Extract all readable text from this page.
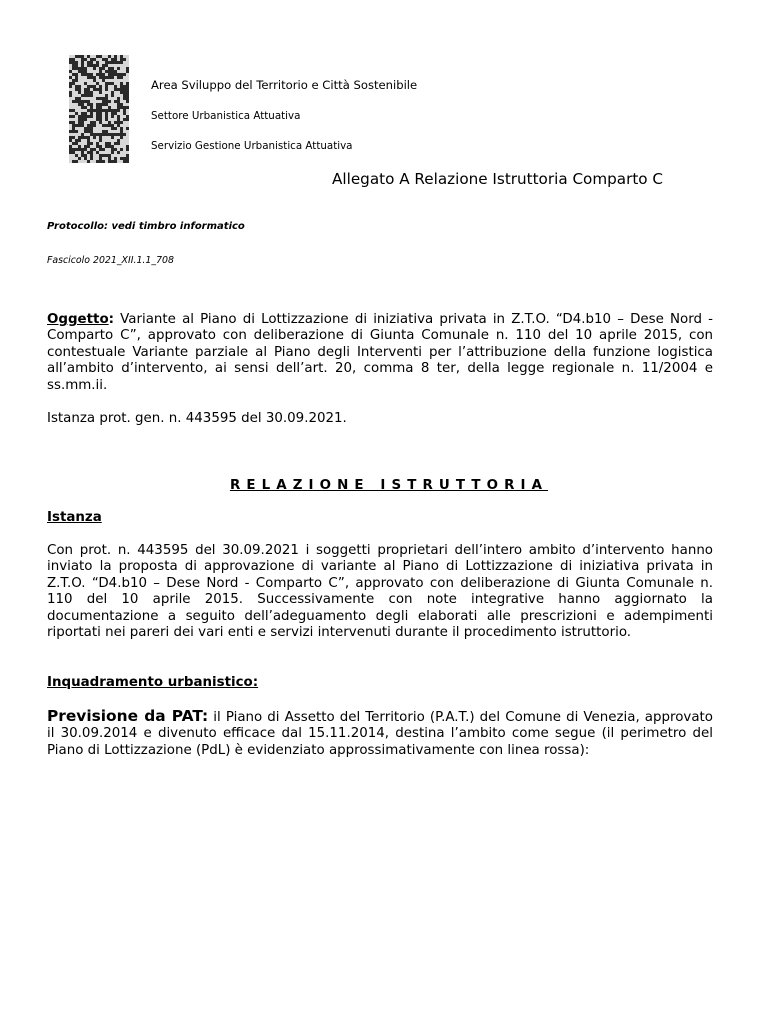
Area Sviluppo del Territorio e Città Sostenibile
Settore Urbanistica Attuativa
Servizio Gestione Urbanistica Attuativa
Allegato A Relazione Istruttoria Comparto C
Protocollo: vedi timbro informatico
Fascicolo 2021_XII.1.1_708
Oggetto: Variante al Piano di Lottizzazione di iniziativa privata in Z.T.O. “D4.b10 – Dese Nord - Comparto C”, approvato con deliberazione di Giunta Comunale n. 110 del 10 aprile 2015, con contestuale Variante parziale al Piano degli Interventi per l’attribuzione della funzione logistica all’ambito d’intervento, ai sensi dell’art. 20, comma 8 ter, della legge regionale n. 11/2004 e ss.mm.ii.
Istanza prot. gen. n. 443595 del 30.09.2021.
RELAZIONE ISTRUTTORIA
Istanza
Con prot. n. 443595 del 30.09.2021 i soggetti proprietari dell’intero ambito d’intervento hanno inviato la proposta di approvazione di variante al Piano di Lottizzazione di iniziativa privata in Z.T.O. “D4.b10 – Dese Nord - Comparto C”, approvato con deliberazione di Giunta Comunale n. 110 del 10 aprile 2015. Successivamente con note integrative hanno aggiornato la documentazione a seguito dell’adeguamento degli elaborati alle prescrizioni e adempimenti riportati nei pareri dei vari enti e servizi intervenuti durante il procedimento istruttorio.
Inquadramento urbanistico:
Previsione da PAT: il Piano di Assetto del Territorio (P.A.T.) del Comune di Venezia, approvato il 30.09.2014 e divenuto efficace dal 15.11.2014, destina l’ambito come segue (il perimetro del Piano di Lottizzazione (PdL) è evidenziato approssimativamente con linea rossa):
